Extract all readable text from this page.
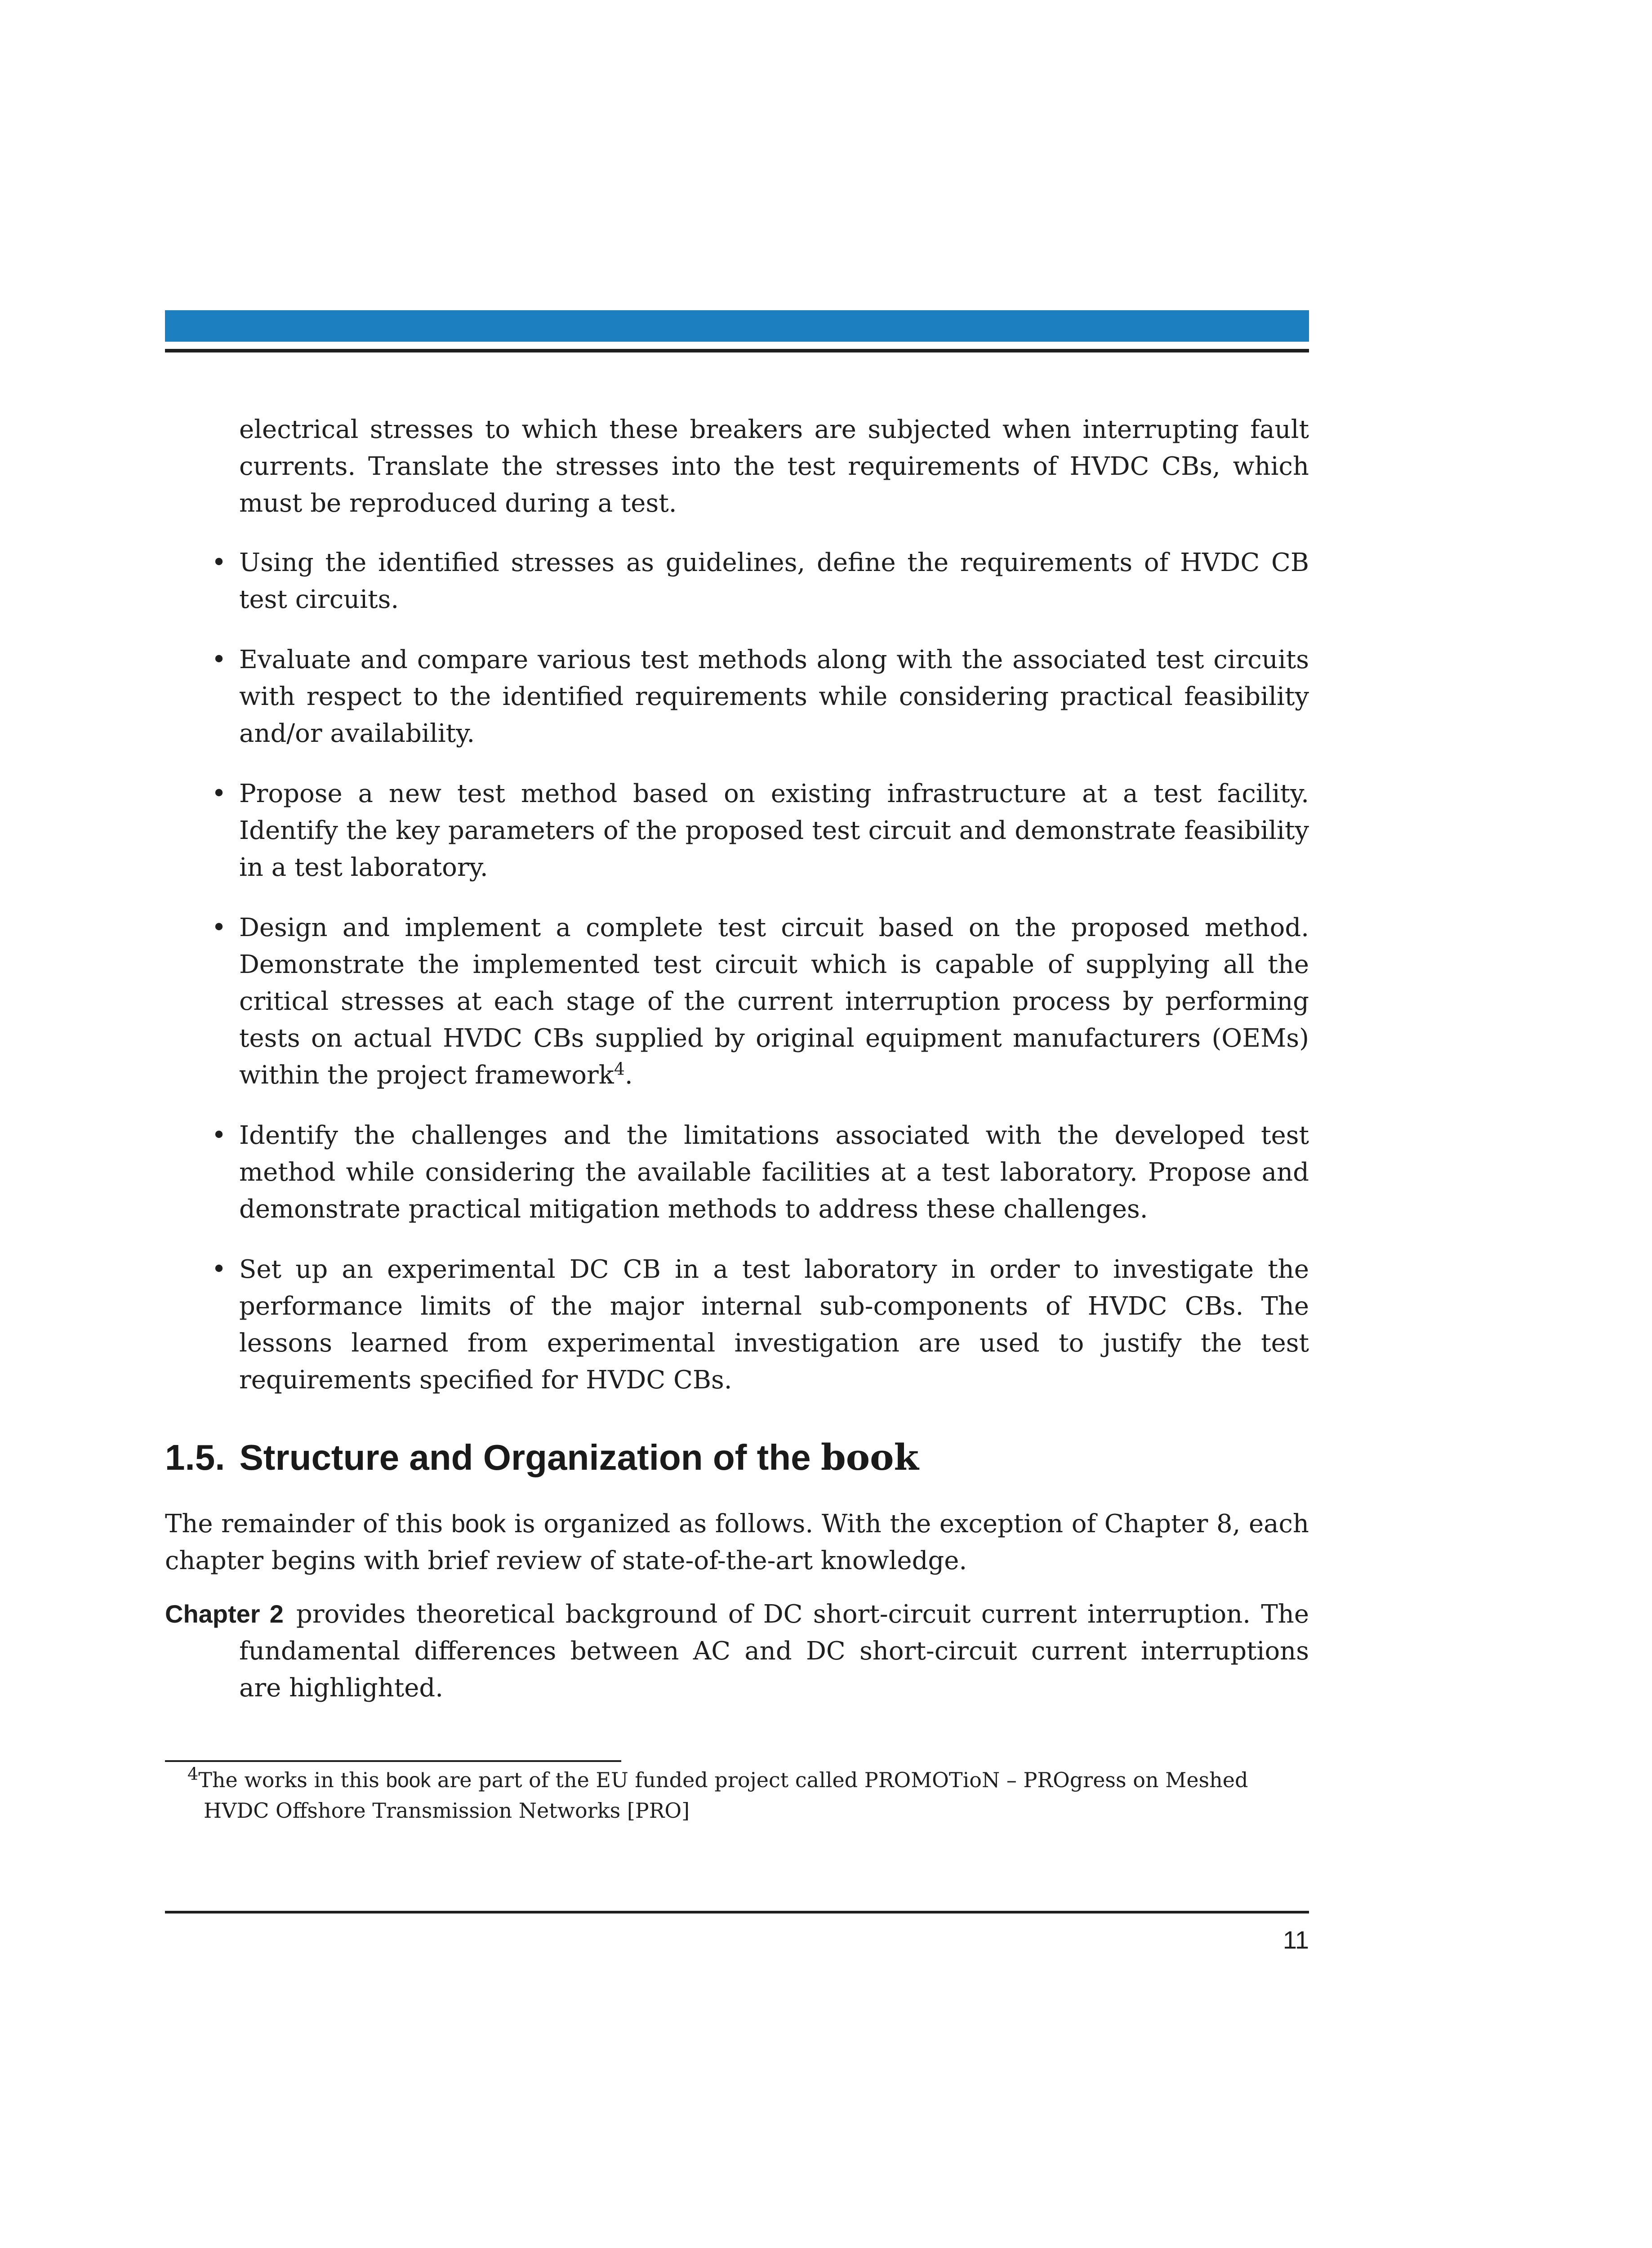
electrical stresses to which these breakers are subjected when interrupting fault currents. Translate the stresses into the test requirements of HVDC CBs, which must be reproduced during a test.

• Using the identified stresses as guidelines, define the requirements of HVDC CB test circuits.
• Evaluate and compare various test methods along with the associated test circuits with respect to the identified requirements while considering practical feasibility and/or availability.
• Propose a new test method based on existing infrastructure at a test facility. Identify the key parameters of the proposed test circuit and demonstrate feasibility in a test laboratory.
• Design and implement a complete test circuit based on the proposed method. Demonstrate the implemented test circuit which is capable of supplying all the critical stresses at each stage of the current interruption process by performing tests on actual HVDC CBs supplied by original equipment manufacturers (OEMs) within the project framework$^4$.
• Identify the challenges and the limitations associated with the developed test method while considering the available facilities at a test laboratory. Propose and demonstrate practical mitigation methods to address these challenges.
• Set up an experimental DC CB in a test laboratory in order to investigate the performance limits of the major internal sub-components of HVDC CBs. The lessons learned from experimental investigation are used to justify the test requirements specified for HVDC CBs.
1.5. Structure and Organization of the book

The remainder of this book is organized as follows. With the exception of Chapter 8, each chapter begins with brief review of state-of-the-art knowledge.

Chapter 2 provides theoretical background of DC short-circuit current interruption. The fundamental differences between AC and DC short-circuit current interruptions are highlighted.

$^4$The works in this book are part of the EU funded project called PROMOTioN – PROgress on Meshed
HVDC Offshore Transmission Networks [PRO]
11
